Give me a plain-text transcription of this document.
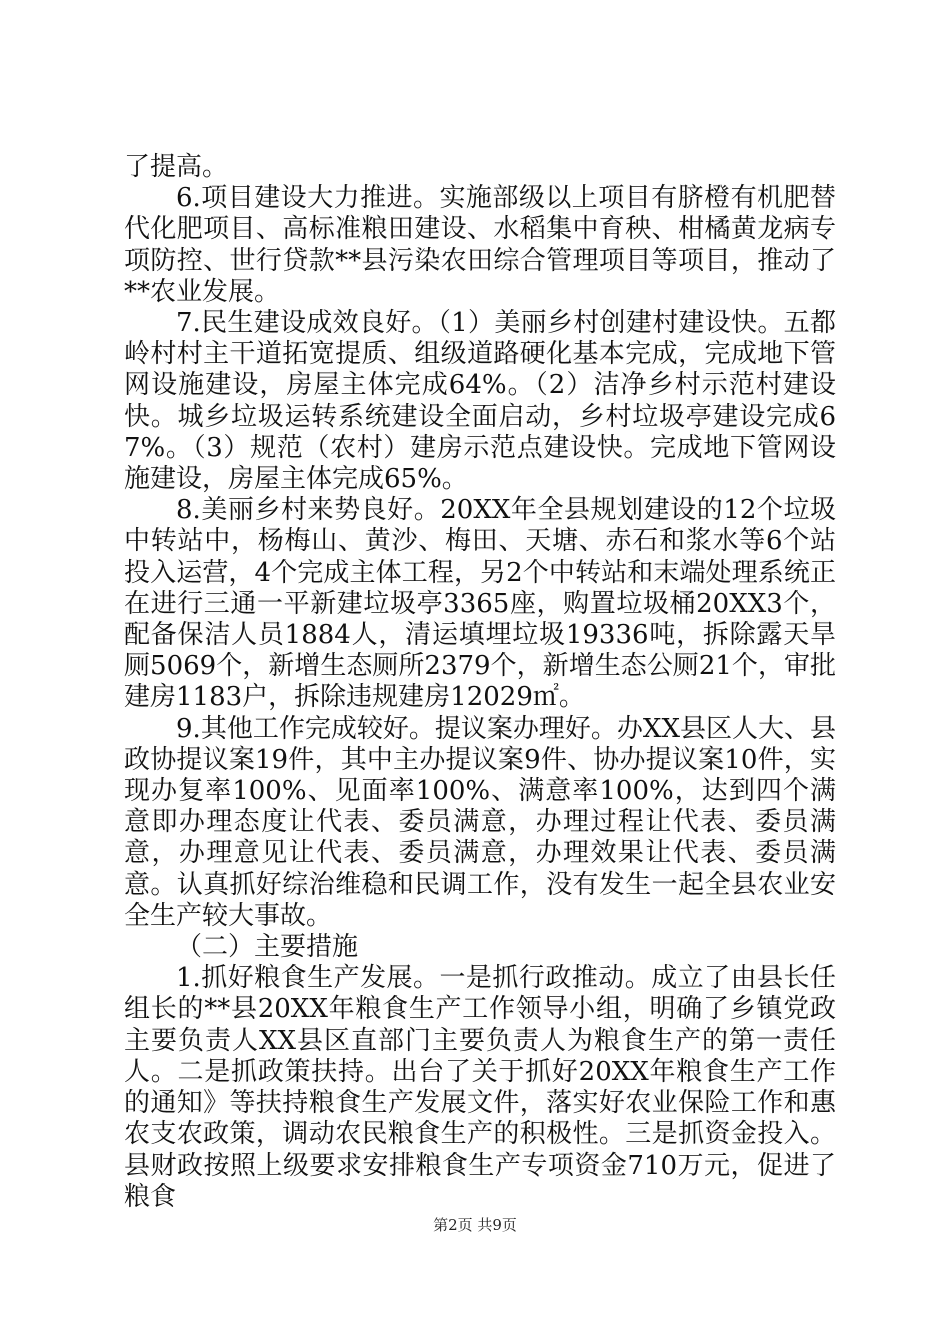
了提高。

6.项目建设大力推进。实施部级以上项目有脐橙有机肥替代化肥项目、高标准粮田建设、水稻集中育秧、柑橘黄龙病专项防控、世行贷款**县污染农田综合管理项目等项目，推动了**农业发展。

7.民生建设成效良好。（1）美丽乡村创建村建设快。五都岭村村主干道拓宽提质、组级道路硬化基本完成，完成地下管网设施建设，房屋主体完成64%。（2）洁净乡村示范村建设快。城乡垃圾运转系统建设全面启动，乡村垃圾亭建设完成67%。（3）规范（农村）建房示范点建设快。完成地下管网设施建设，房屋主体完成65%。

8.美丽乡村来势良好。20XX年全县规划建设的12个垃圾中转站中，杨梅山、黄沙、梅田、天塘、赤石和浆水等6个站投入运营，4个完成主体工程，另2个中转站和末端处理系统正在进行三通一平新建垃圾亭3365座，购置垃圾桶20XX3个，配备保洁人员1884人，清运填埋垃圾19336吨，拆除露天旱厕5069个，新增生态厕所2379个，新增生态公厕21个，审批建房1183户，拆除违规建房12029㎡。

9.其他工作完成较好。提议案办理好。办XX县区人大、县政协提议案19件，其中主办提议案9件、协办提议案10件，实现办复率100%、见面率100%、满意率100%，达到四个满意即办理态度让代表、委员满意，办理过程让代表、委员满意，办理意见让代表、委员满意，办理效果让代表、委员满意。认真抓好综治维稳和民调工作，没有发生一起全县农业安全生产较大事故。

（二）主要措施

1.抓好粮食生产发展。一是抓行政推动。成立了由县长任组长的**县20XX年粮食生产工作领导小组，明确了乡镇党政主要负责人XX县区直部门主要负责人为粮食生产的第一责任人。二是抓政策扶持。出台了关于抓好20XX年粮食生产工作的通知》等扶持粮食生产发展文件，落实好农业保险工作和惠农支农政策，调动农民粮食生产的积极性。三是抓资金投入。县财政按照上级要求安排粮食生产专项资金710万元，促进了粮食

第2页 共9页
